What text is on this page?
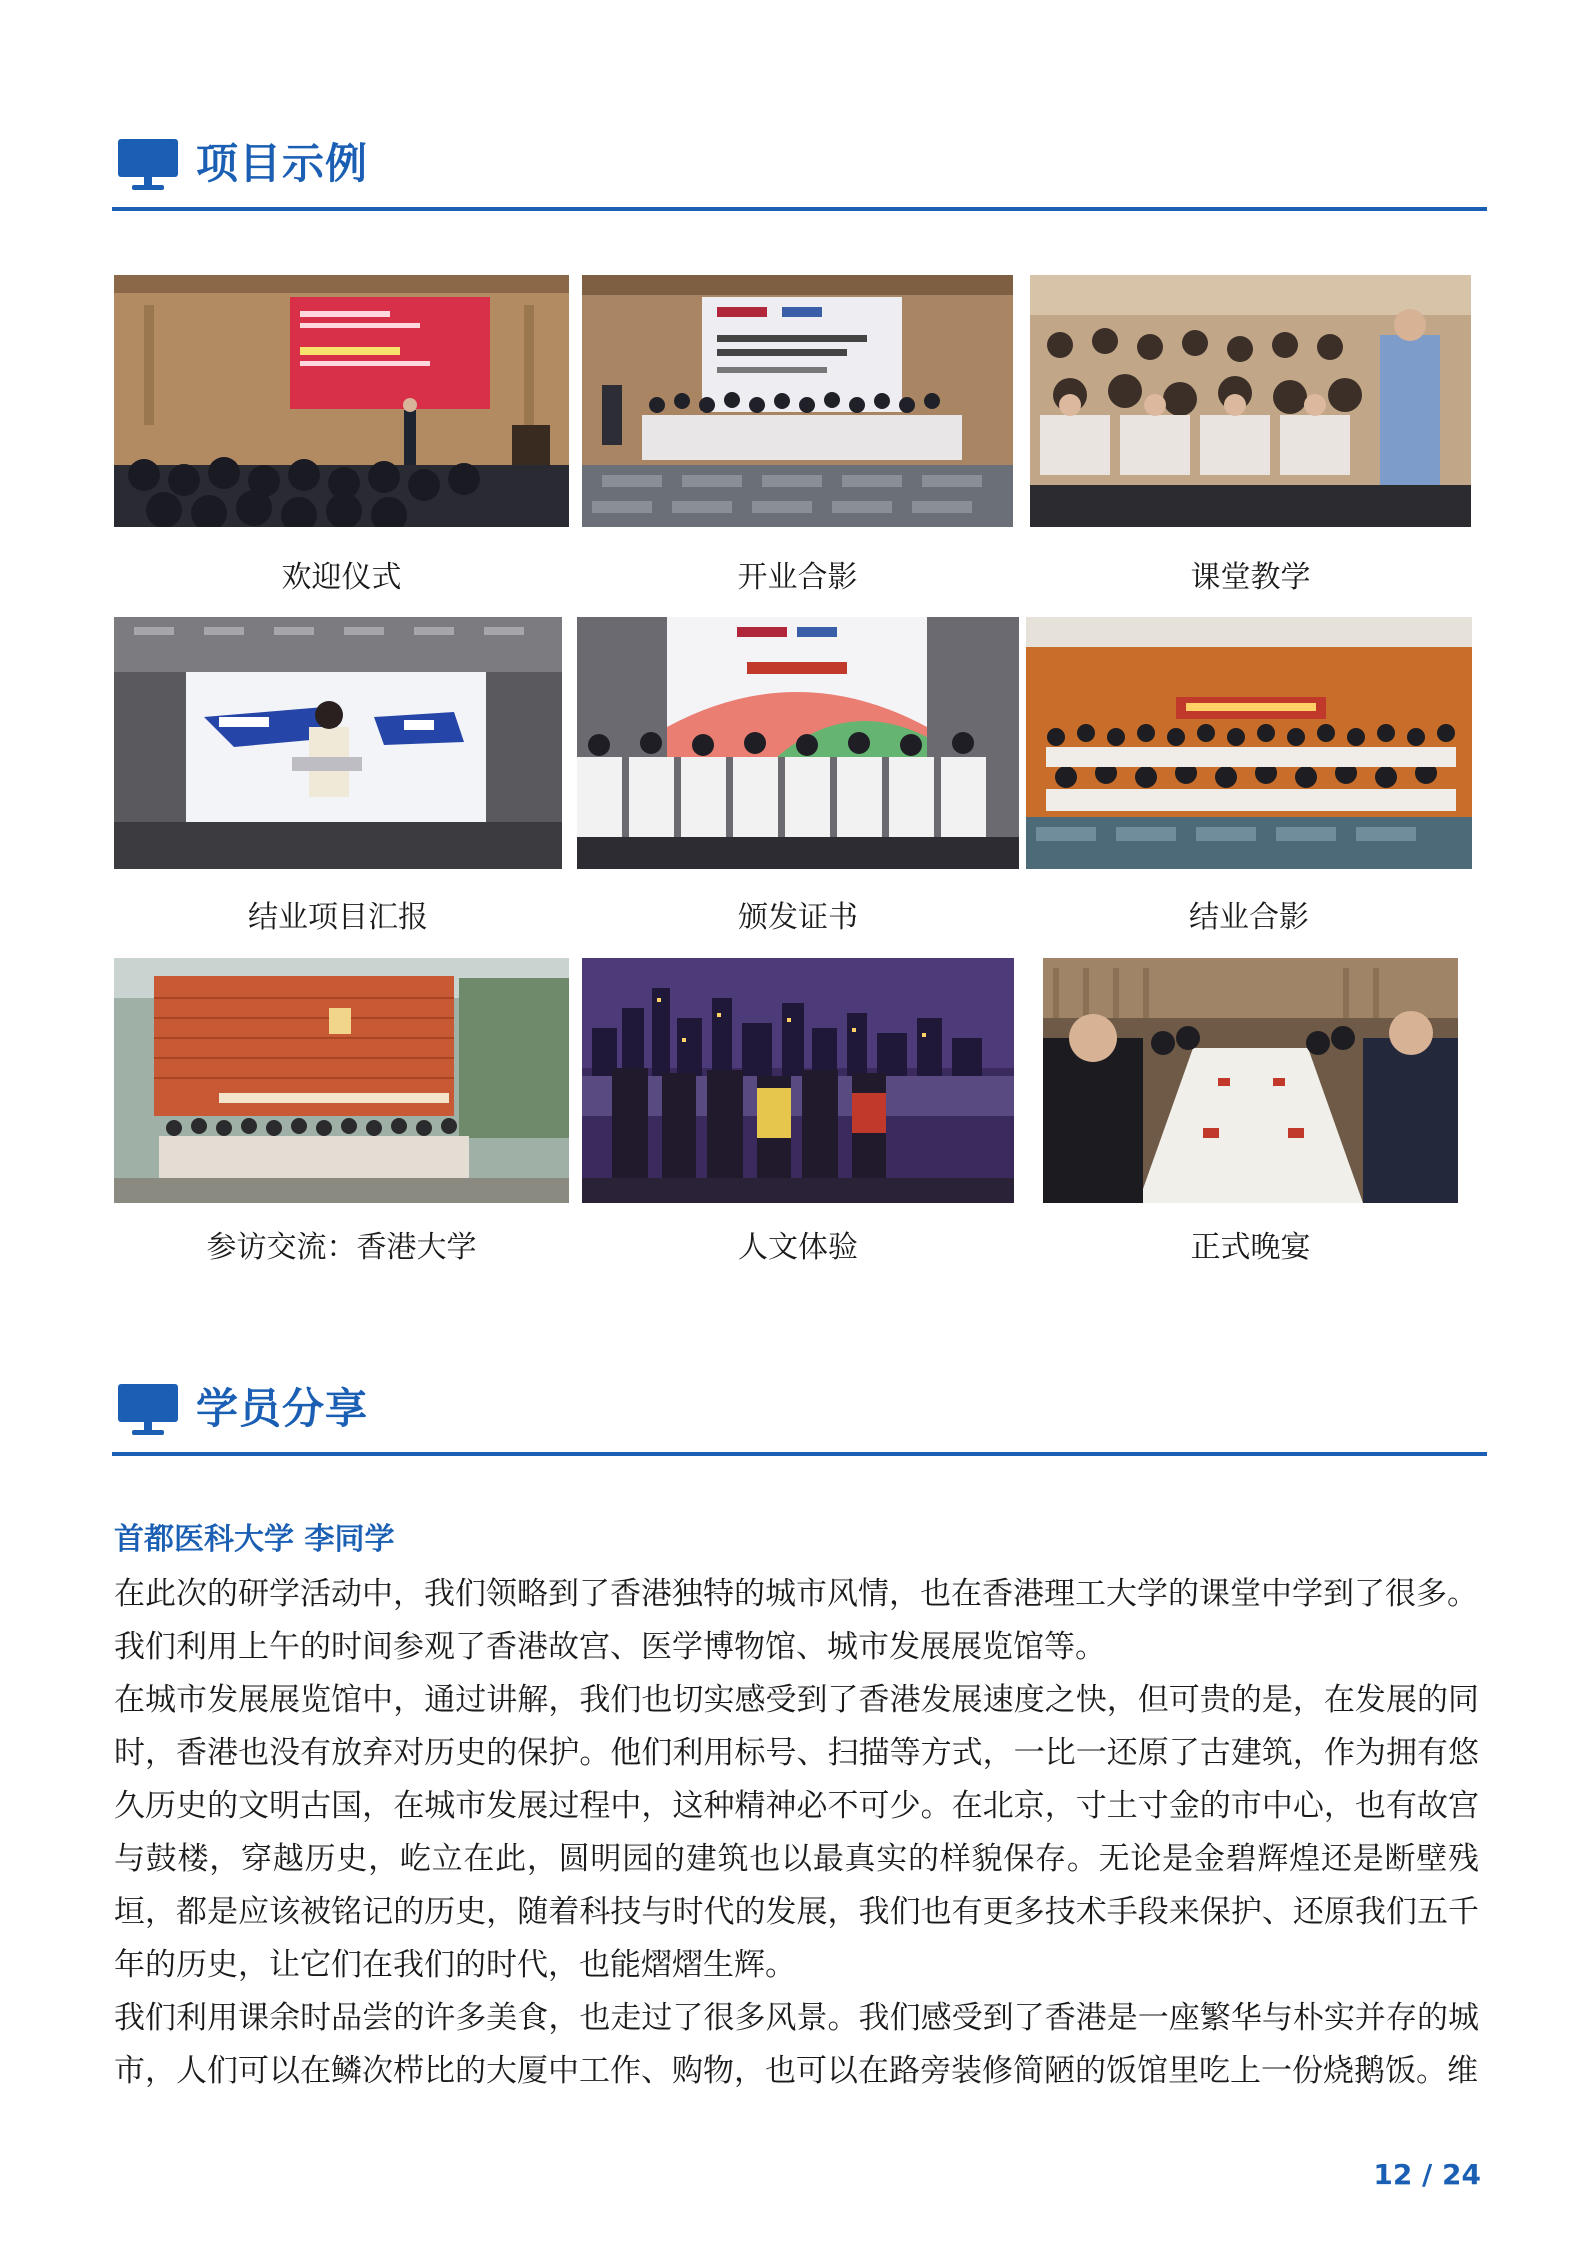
项目示例
欢迎仪式	开业合影	课堂教学
结业项目汇报	颁发证书	结业合影
参访交流：香港大学	人文体验	正式晚宴
学员分享
首都医科大学 李同学

在此次的研学活动中，我们领略到了香港独特的城市风情，也在香港理工大学的课堂中学到了很多。

我们利用上午的时间参观了香港故宫、医学博物馆、城市发展展览馆等。

在城市发展展览馆中，通过讲解，我们也切实感受到了香港发展速度之快，但可贵的是，在发展的同时，香港也没有放弃对历史的保护。他们利用标号、扫描等方式，一比一还原了古建筑，作为拥有悠久历史的文明古国，在城市发展过程中，这种精神必不可少。在北京，寸土寸金的市中心，也有故宫与鼓楼，穿越历史，屹立在此，圆明园的建筑也以最真实的样貌保存。无论是金碧辉煌还是断壁残垣，都是应该被铭记的历史，随着科技与时代的发展，我们也有更多技术手段来保护、还原我们五千年的历史，让它们在我们的时代，也能熠熠生辉。

我们利用课余时品尝的许多美食，也走过了很多风景。我们感受到了香港是一座繁华与朴实并存的城市，人们可以在鳞次栉比的大厦中工作、购物，也可以在路旁装修简陋的饭馆里吃上一份烧鹅饭。维

12 / 24
